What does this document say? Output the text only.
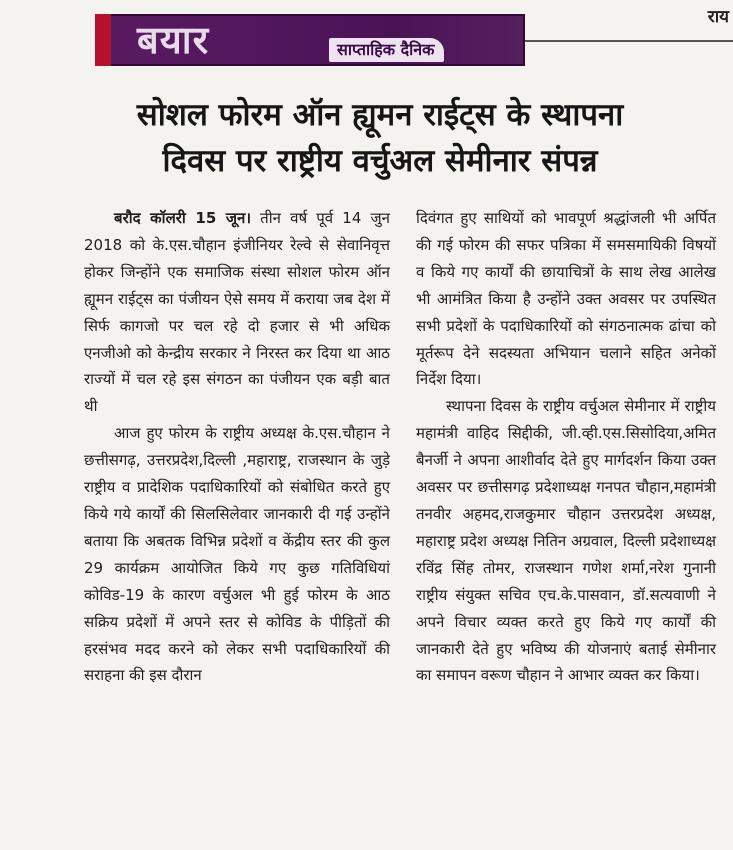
राय
बयार	साप्ताहिक दैनिक
सोशल फोरम ऑन ह्यूमन राईट्स के स्थापना
दिवस पर राष्ट्रीय वर्चुअल सेमीनार संपन्न

बरौद कॉलरी 15 जून। तीन वर्ष पूर्व 14 जुन 2018 को के.एस.चौहान इंजीनियर रेल्वे से सेवानिवृत्त होकर जिन्होंने एक समाजिक संस्था सोशल फोरम ऑन ह्यूमन राईट्स का पंजीयन ऐसे समय में कराया जब देश में सिर्फ कागजो पर चल रहे दो हजार से भी अधिक एनजीओ को केन्द्रीय सरकार ने निरस्त कर दिया था आठ राज्यों में चल रहे इस संगठन का पंजीयन एक बड़ी बात थी

आज हुए फोरम के राष्ट्रीय अध्यक्ष के.एस.चौहान ने छत्तीसगढ़, उत्तरप्रदेश,दिल्ली ,महाराष्ट्र, राजस्थान के जुड़े राष्ट्रीय व प्रादेशिक पदाधिकारियों को संबोधित करते हुए किये गये कार्यों की सिलसिलेवार जानकारी दी गई उन्होंने बताया कि अबतक विभिन्न प्रदेशों व केंद्रीय स्तर की कुल 29 कार्यक्रम आयोजित किये गए कुछ गतिविधियां कोविड-19 के कारण वर्चुअल भी हुई फोरम के आठ सक्रिय प्रदेशों में अपने स्तर से कोविड के पीड़ितों की हरसंभव मदद करने को लेकर सभी पदाधिकारियों की सराहना की इस दौरान

दिवंगत हुए साथियों को भावपूर्ण श्रद्धांजली भी अर्पित की गई फोरम की सफर पत्रिका में समसमायिकी विषयों व किये गए कार्यों की छायाचित्रों के साथ लेख आलेख भी आमंत्रित किया है उन्होंने उक्त अवसर पर उपस्थित सभी प्रदेशों के पदाधिकारियों को संगठनात्मक ढांचा को मूर्तरूप देने सदस्यता अभियान चलाने सहित अनेकों निर्देश दिया।

स्थापना दिवस के राष्ट्रीय वर्चुअल सेमीनार में राष्ट्रीय महामंत्री वाहिद सिद्दीकी, जी.व्ही.एस.सिसोदिया,अमित बैनर्जी ने अपना आशीर्वाद देते हुए मार्गदर्शन किया उक्त अवसर पर छत्तीसगढ़ प्रदेशाध्यक्ष गनपत चौहान,महामंत्री तनवीर अहमद,राजकुमार चौहान उत्तरप्रदेश अध्यक्ष, महाराष्ट्र प्रदेश अध्यक्ष नितिन अग्रवाल, दिल्ली प्रदेशाध्यक्ष रविंद्र सिंह तोमर, राजस्थान गणेश शर्मा,नरेश गुनानी राष्ट्रीय संयुक्त सचिव एच.के.पासवान, डॉ.सत्यवाणी ने अपने विचार व्यक्त करते हुए किये गए कार्यों की जानकारी देते हुए भविष्य की योजनाएं बताई सेमीनार का समापन वरूण चौहान ने आभार व्यक्त कर किया।
